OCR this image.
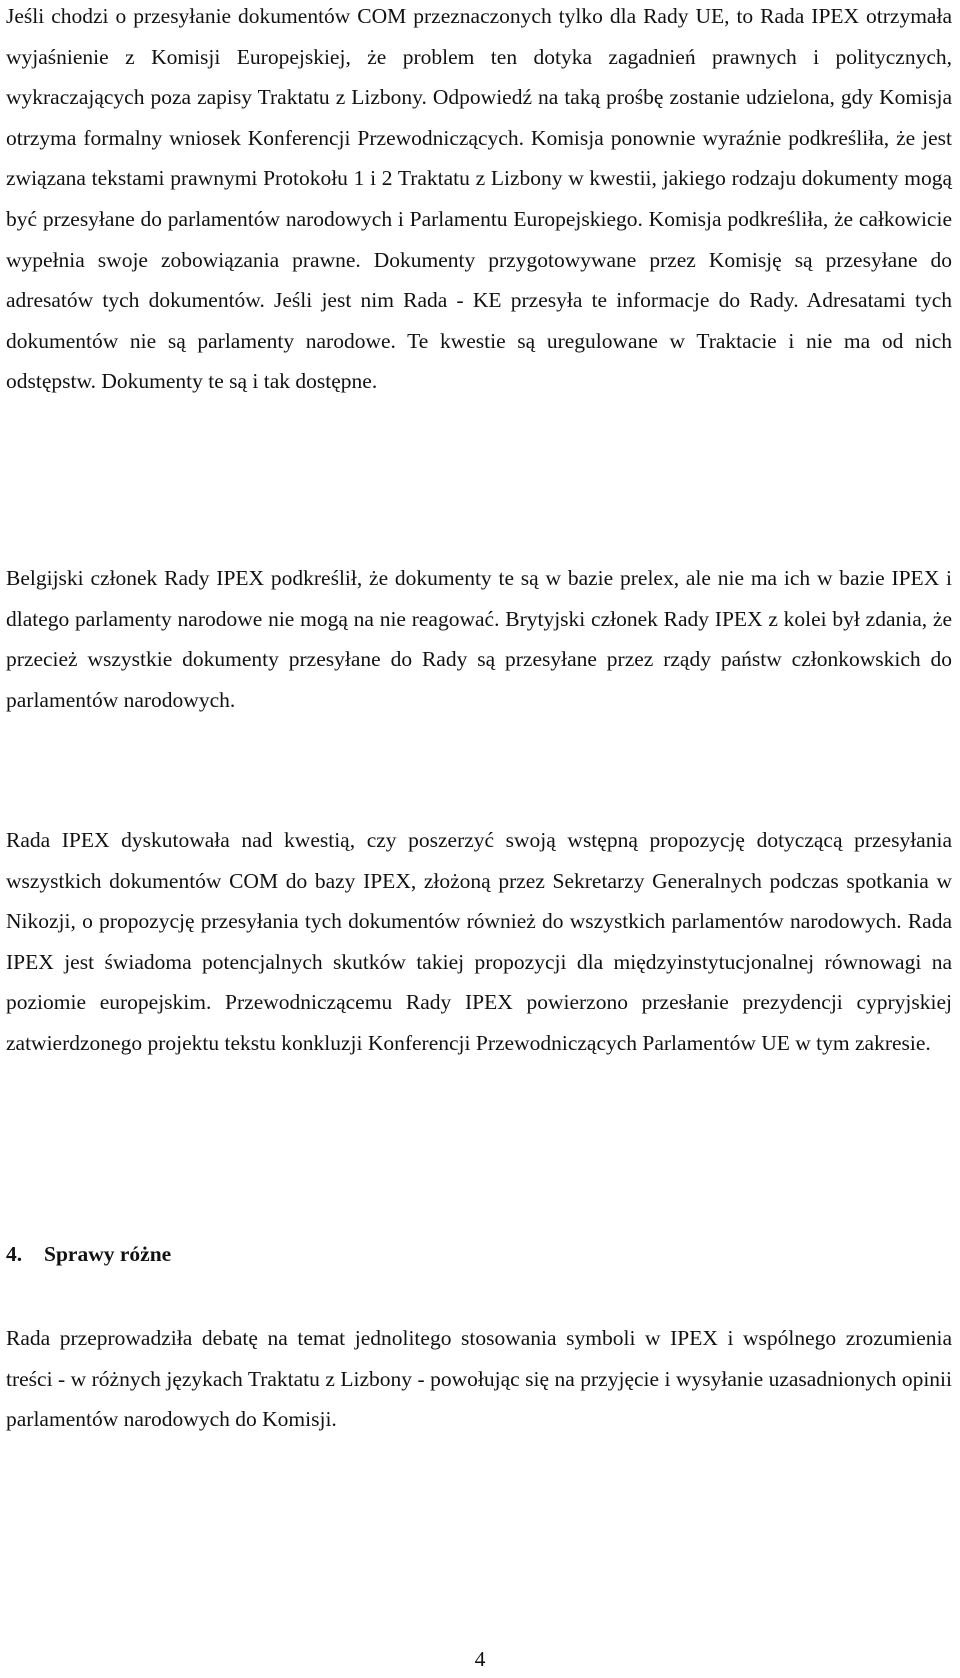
Jeśli chodzi o przesyłanie dokumentów COM przeznaczonych tylko dla Rady UE, to Rada IPEX otrzymała wyjaśnienie z Komisji Europejskiej, że problem ten dotyka zagadnień prawnych i politycznych, wykraczających poza zapisy Traktatu z Lizbony. Odpowiedź na taką prośbę zostanie udzielona, gdy Komisja otrzyma formalny wniosek Konferencji Przewodniczących. Komisja ponownie wyraźnie podkreśliła, że jest związana tekstami prawnymi Protokołu 1 i 2 Traktatu z Lizbony w kwestii, jakiego rodzaju dokumenty mogą być przesyłane do parlamentów narodowych i Parlamentu Europejskiego. Komisja podkreśliła, że całkowicie wypełnia swoje zobowiązania prawne. Dokumenty przygotowywane przez Komisję są przesyłane do adresatów tych dokumentów. Jeśli jest nim Rada - KE przesyła te informacje do Rady. Adresatami tych dokumentów nie są parlamenty narodowe. Te kwestie są uregulowane w Traktacie i nie ma od nich odstępstw. Dokumenty te są i tak dostępne.

Belgijski członek Rady IPEX podkreślił, że dokumenty te są w bazie prelex, ale nie ma ich w bazie IPEX i dlatego parlamenty narodowe nie mogą na nie reagować. Brytyjski członek Rady IPEX z kolei był zdania, że przecież wszystkie dokumenty przesyłane do Rady są przesyłane przez rządy państw członkowskich do parlamentów narodowych.

Rada IPEX dyskutowała nad kwestią, czy poszerzyć swoją wstępną propozycję dotyczącą przesyłania wszystkich dokumentów COM do bazy IPEX, złożoną przez Sekretarzy Generalnych podczas spotkania w Nikozji, o propozycję przesyłania tych dokumentów również do wszystkich parlamentów narodowych. Rada IPEX jest świadoma potencjalnych skutków takiej propozycji dla międzyinstytucjonalnej równowagi na poziomie europejskim. Przewodniczącemu Rady IPEX powierzono przesłanie prezydencji cypryjskiej zatwierdzonego projektu tekstu konkluzji Konferencji Przewodniczących Parlamentów UE w tym zakresie.

4. Sprawy różne

Rada przeprowadziła debatę na temat jednolitego stosowania symboli w IPEX i wspólnego zrozumienia treści - w różnych językach Traktatu z Lizbony - powołując się na przyjęcie i wysyłanie uzasadnionych opinii parlamentów narodowych do Komisji.

4
